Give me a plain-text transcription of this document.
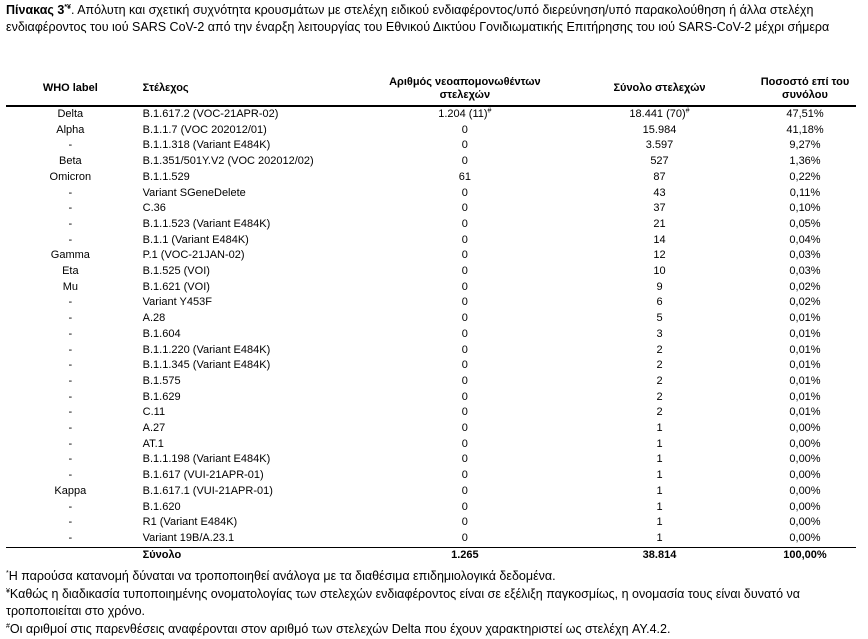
Πίνακας 3*¥. Απόλυτη και σχετική συχνότητα κρουσμάτων με στελέχη ειδικού ενδιαφέροντος/υπό διερεύνηση/υπό παρακολούθηση ή άλλα στελέχη ενδιαφέροντος του ιού SARS CoV-2 από την έναρξη λειτουργίας του Εθνικού Δικτύου Γονιδιωματικής Επιτήρησης του ιού SARS-CoV-2 μέχρι σήμερα
WHO label	Στέλεχος	Αριθμός νεοαπομονωθέντων στελεχών	Σύνολο στελεχών	Ποσοστό επί του συνόλου
Delta	B.1.617.2 (VOC-21APR-02)	1.204 (11)#	18.441 (70)#	47,51%
Alpha	B.1.1.7 (VOC 202012/01)	0	15.984	41,18%
-	B.1.1.318 (Variant E484K)	0	3.597	9,27%
Beta	B.1.351/501Y.V2 (VOC 202012/02)	0	527	1,36%
Omicron	B.1.1.529	61	87	0,22%
-	Variant SGeneDelete	0	43	0,11%
-	C.36	0	37	0,10%
-	B.1.1.523 (Variant E484K)	0	21	0,05%
-	B.1.1 (Variant E484K)	0	14	0,04%
Gamma	P.1 (VOC-21JAN-02)	0	12	0,03%
Eta	B.1.525 (VOI)	0	10	0,03%
Mu	B.1.621 (VOI)	0	9	0,02%
-	Variant Y453F	0	6	0,02%
-	A.28	0	5	0,01%
-	B.1.604	0	3	0,01%
-	B.1.1.220 (Variant E484K)	0	2	0,01%
-	B.1.1.345 (Variant E484K)	0	2	0,01%
-	B.1.575	0	2	0,01%
-	B.1.629	0	2	0,01%
-	C.11	0	2	0,01%
-	A.27	0	1	0,00%
-	AT.1	0	1	0,00%
-	B.1.1.198 (Variant E484K)	0	1	0,00%
-	B.1.617 (VUI-21APR-01)	0	1	0,00%
Kappa	B.1.617.1 (VUI-21APR-01)	0	1	0,00%
-	B.1.620	0	1	0,00%
-	R1 (Variant E484K)	0	1	0,00%
-	Variant 19B/A.23.1	0	1	0,00%
	Σύνολο	1.265	38.814	100,00%
*Η παρούσα κατανομή δύναται να τροποποιηθεί ανάλογα με τα διαθέσιμα επιδημιολογικά δεδομένα.
¥Καθώς η διαδικασία τυποποιημένης ονοματολογίας των στελεχών ενδιαφέροντος είναι σε εξέλιξη παγκοσμίως, η ονομασία τους είναι δυνατό να τροποποιείται στο χρόνο.
#Οι αριθμοί στις παρενθέσεις αναφέρονται στον αριθμό των στελεχών Delta που έχουν χαρακτηριστεί ως στελέχη AY.4.2.
